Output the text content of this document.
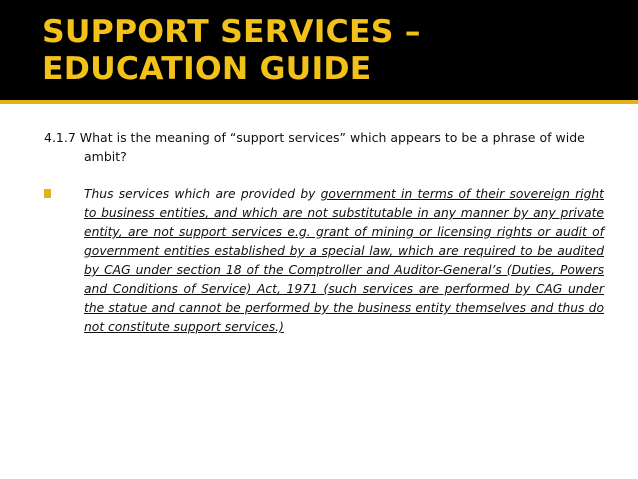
SUPPORT SERVICES – EDUCATION GUIDE

4.1.7 What is the meaning of “support services” which appears to be a phrase of wide ambit?

Thus services which are provided by government in terms of their sovereign right to business entities, and which are not substitutable in any manner by any private entity, are not support services e.g. grant of mining or licensing rights or audit of government entities established by a special law, which are required to be audited by CAG under section 18 of the Comptroller and Auditor-General’s (Duties, Powers and Conditions of Service) Act, 1971 (such services are performed by CAG under the statue and cannot be performed by the business entity themselves and thus do not constitute support services.)
